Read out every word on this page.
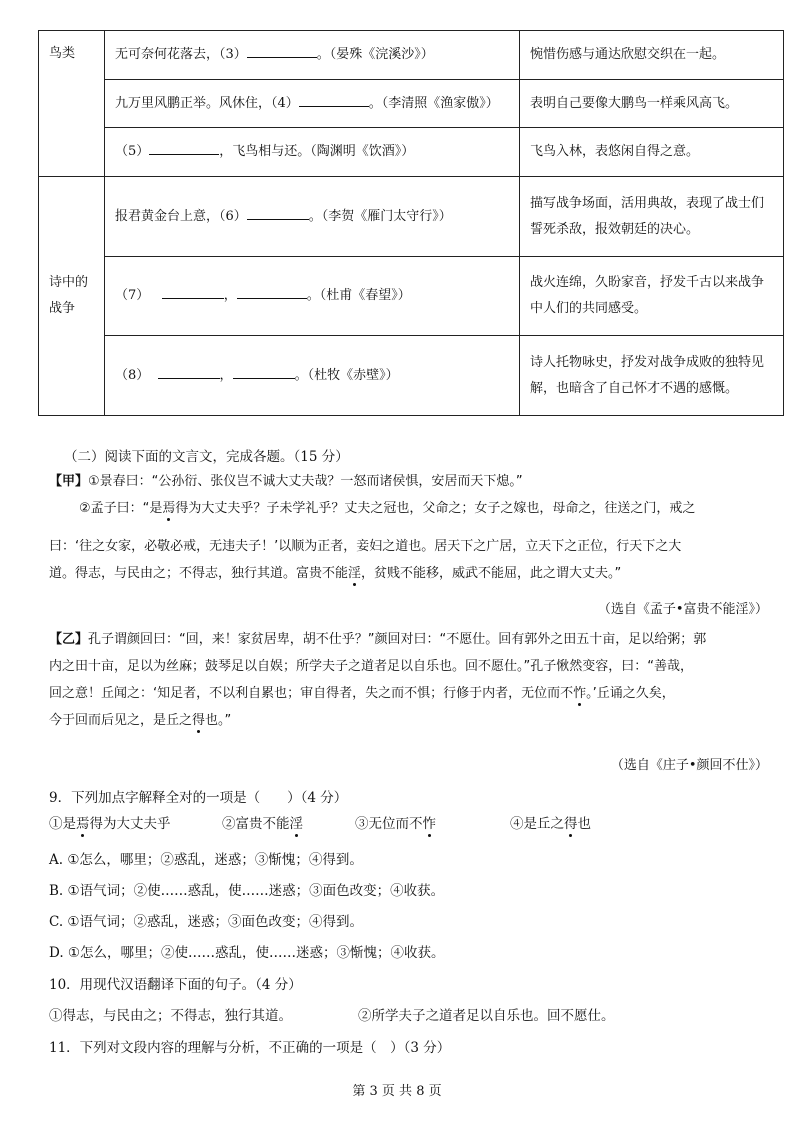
鸟类	无可奈何花落去，（3） 。（晏殊《浣溪沙》）	惋惜伤感与通达欣慰交织在一起。
	九万里风鹏正举。风休住，（4） 。（李清照《渔家傲》）	表明自己要像大鹏鸟一样乘风高飞。
	（5） ，飞鸟相与还。（陶渊明《饮酒》）	飞鸟入林，表悠闲自得之意。

诗中的战争	报君黄金台上意，（6） 。（李贺《雁门太守行》）	描写战争场面，活用典故，表现了战士们誓死杀敌，报效朝廷的决心。
	（7） ， 。（杜甫《春望》）	战火连绵，久盼家音，抒发千古以来战争中人们的共同感受。
	（8） ， 。（杜牧《赤壁》）	诗人托物咏史，抒发对战争成败的独特见解，也暗含了自己怀才不遇的感慨。
（二）阅读下面的文言文，完成各题。（15 分）
【甲】①景春曰：“公孙衍、张仪岂不诚大丈夫哉？一怒而诸侯惧，安居而天下熄。”
②孟子曰：“是焉得为大丈夫乎？子未学礼乎？丈夫之冠也，父命之；女子之嫁也，母命之，往送之门，戒之
曰：‘往之女家，必敬必戒，无违夫子！’以顺为正者，妾妇之道也。居天下之广居，立天下之正位，行天下之大
道。得志，与民由之；不得志，独行其道。富贵不能淫，贫贱不能移，威武不能屈，此之谓大丈夫。”
（选自《孟子•富贵不能淫》）
【乙】孔子谓颜回曰：“回，来！家贫居卑，胡不仕乎？”颜回对曰：“不愿仕。回有郭外之田五十亩，足以给粥；郭
内之田十亩，足以为丝麻；鼓琴足以自娱；所学夫子之道者足以自乐也。回不愿仕。”孔子愀然变容，曰：“善哉，
回之意！丘闻之：‘知足者，不以利自累也；审自得者，失之而不惧；行修于内者，无位而不怍。’丘诵之久矣，
今于回而后见之，是丘之得也。”
（选自《庄子•颜回不仕》）
9．下列加点字解释全对的一项是（　　）（4 分）
①是焉得为大丈夫乎	②富贵不能淫	③无位而不怍	④是丘之得也
A. ①怎么，哪里；②惑乱，迷惑；③惭愧；④得到。
B. ①语气词；②使……惑乱，使……迷惑；③面色改变；④收获。
C. ①语气词；②惑乱，迷惑；③面色改变；④得到。
D. ①怎么，哪里；②使……惑乱，使……迷惑；③惭愧；④收获。
10．用现代汉语翻译下面的句子。（4 分）
①得志，与民由之；不得志，独行其道。	②所学夫子之道者足以自乐也。回不愿仕。
11．下列对文段内容的理解与分析，不正确的一项是（　）（3 分）
第 3 页 共 8 页
